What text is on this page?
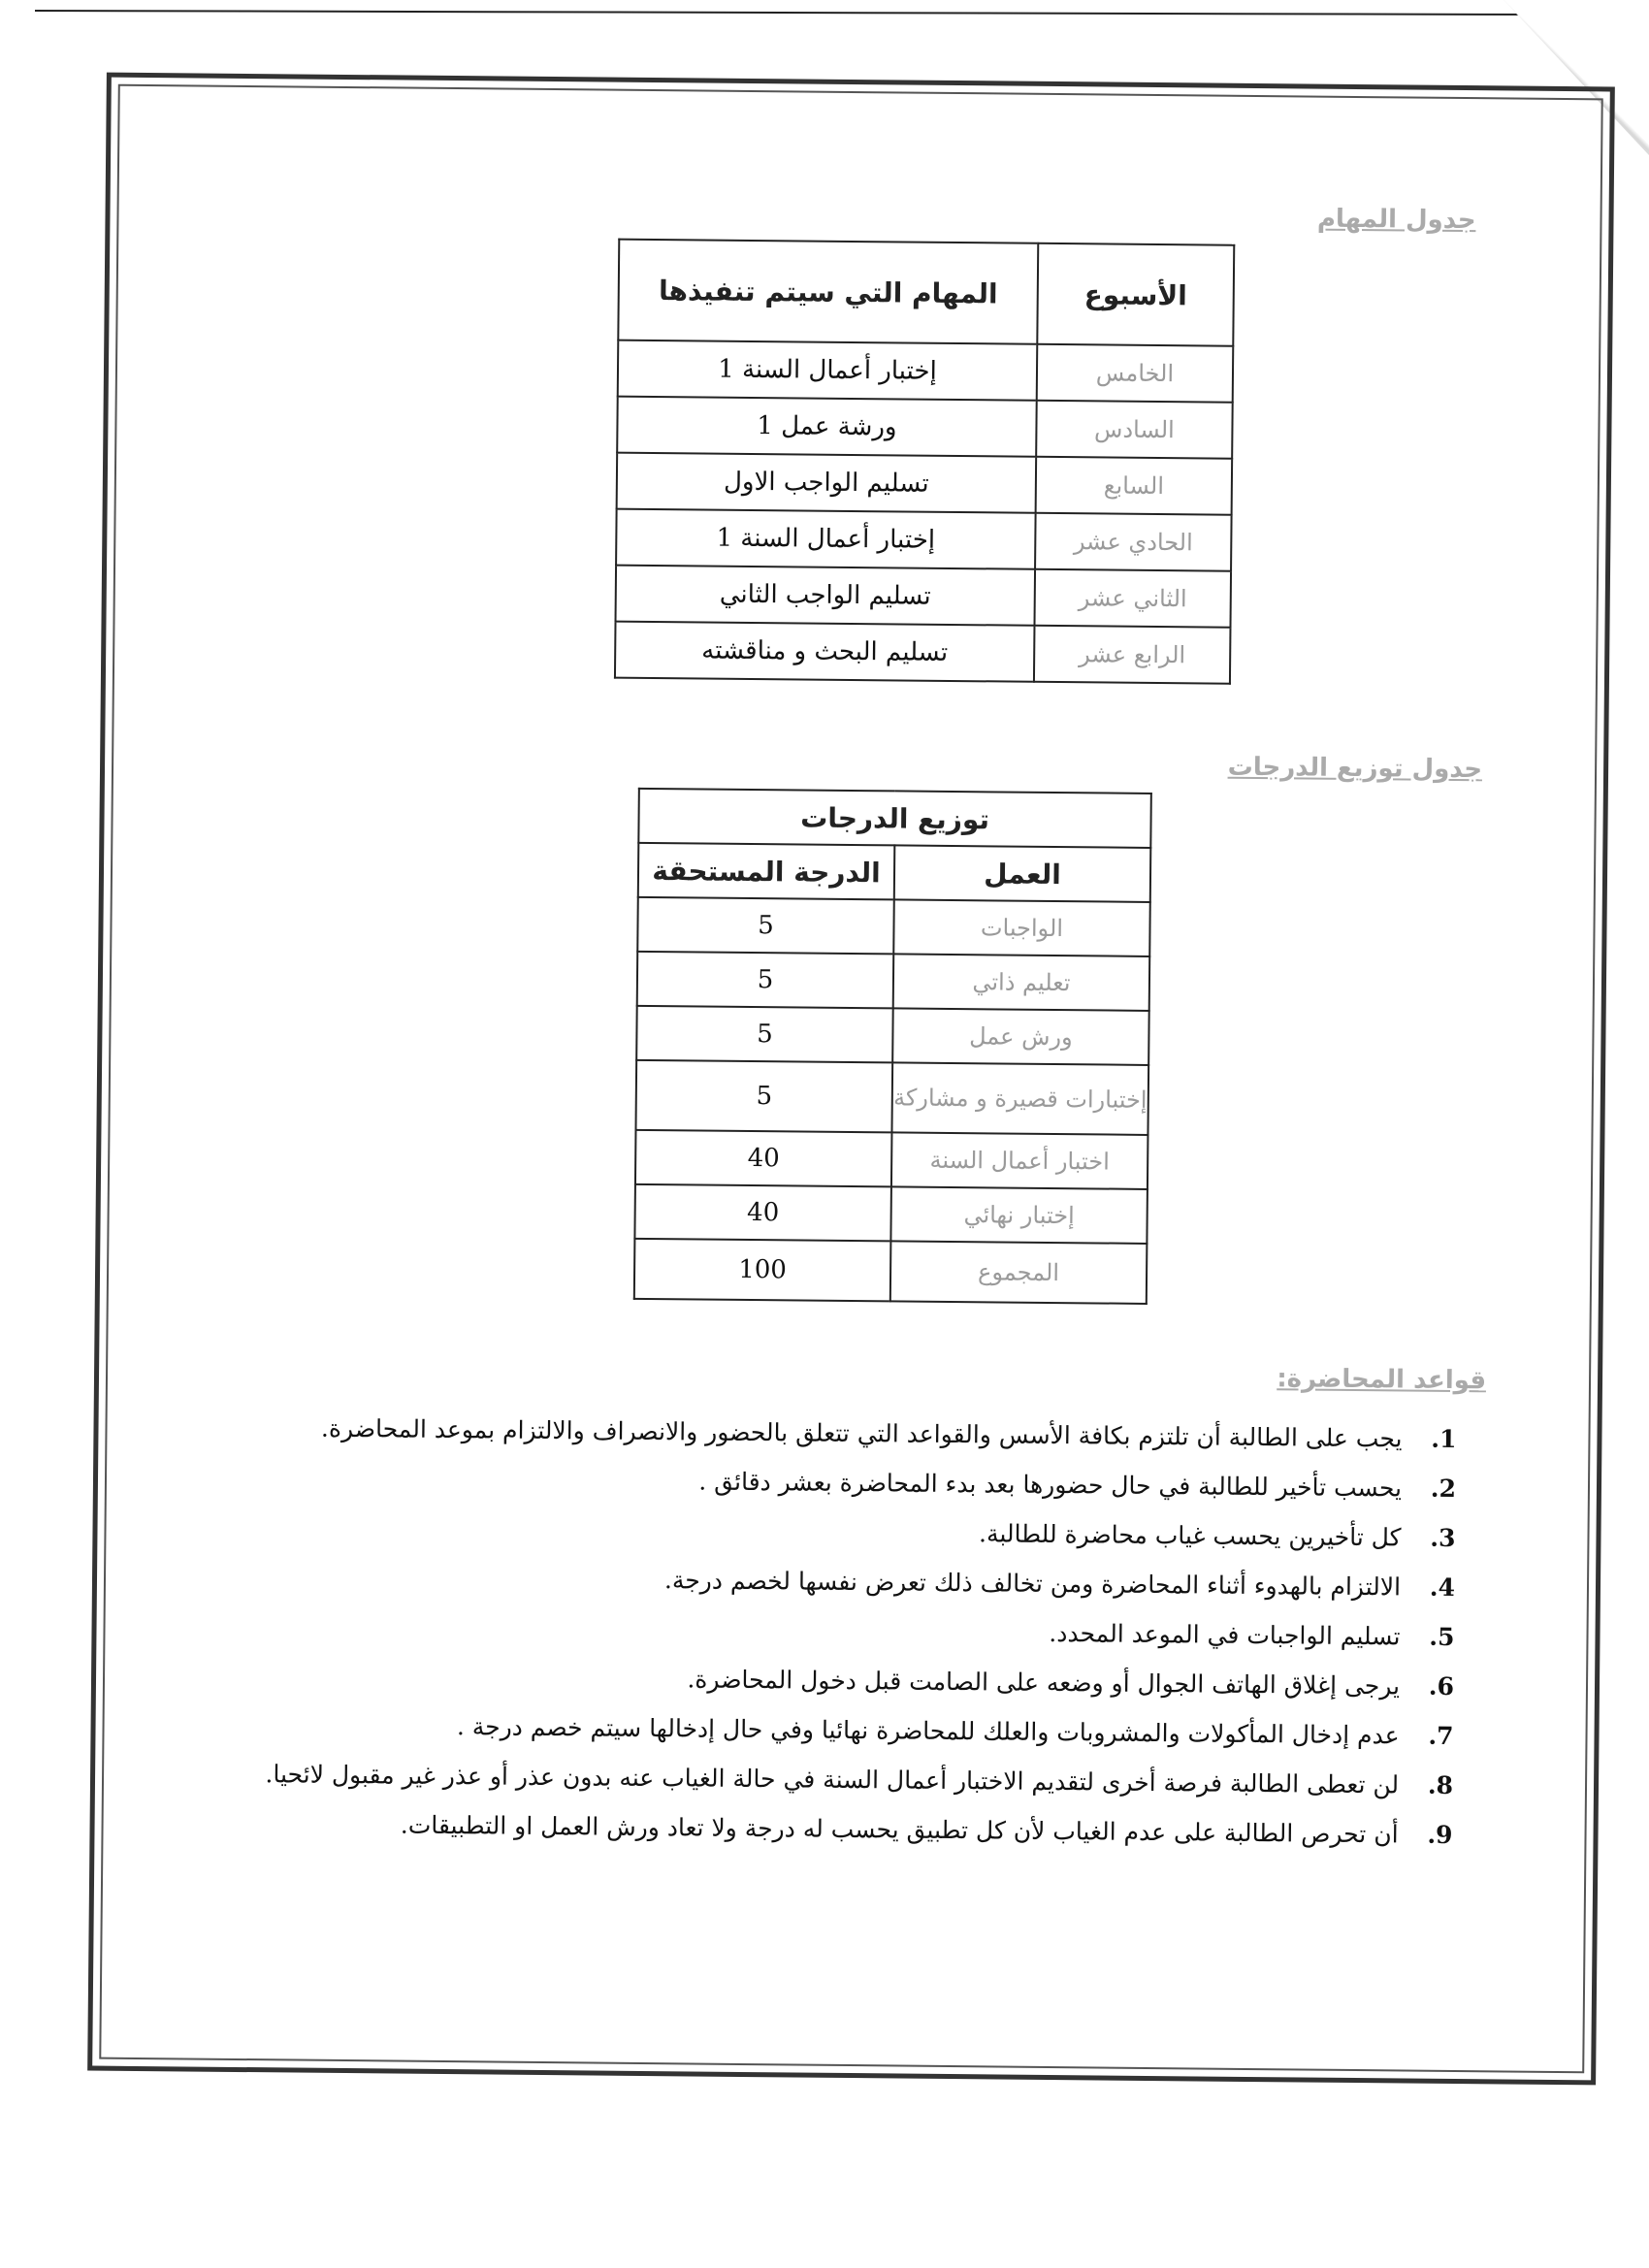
جدول المهام
الأسبوع	المهام التي سيتم تنفيذها
الخامس	إختبار أعمال السنة 1
السادس	ورشة عمل 1
السابع	تسليم الواجب الاول
الحادي عشر	إختبار أعمال السنة 1
الثاني عشر	تسليم الواجب الثاني
الرابع عشر	تسليم البحث و مناقشته
جدول توزيع الدرجات
توزيع الدرجات	
العمل	الدرجة المستحقة
الواجبات	5
تعليم ذاتي	5
ورش عمل	5
إختبارات قصيرة و مشاركة	5
اختبار أعمال السنة	40
إختبار نهائي	40
المجموع	100
قواعد المحاضرة:
1. يجب على الطالبة أن تلتزم بكافة الأسس والقواعد التي تتعلق بالحضور والانصراف والالتزام بموعد المحاضرة.
2. يحسب تأخير للطالبة في حال حضورها بعد بدء المحاضرة بعشر دقائق .
3. كل تأخيرين يحسب غياب محاضرة للطالبة.
4. الالتزام بالهدوء أثناء المحاضرة ومن تخالف ذلك تعرض نفسها لخصم درجة.
5. تسليم الواجبات في الموعد المحدد.
6. يرجى إغلاق الهاتف الجوال أو وضعه على الصامت قبل دخول المحاضرة.
7. عدم إدخال المأكولات والمشروبات والعلك للمحاضرة نهائيا وفي حال إدخالها سيتم خصم درجة .
8. لن تعطى الطالبة فرصة أخرى لتقديم الاختبار أعمال السنة في حالة الغياب عنه بدون عذر أو عذر غير مقبول لائحيا.
9. أن تحرص الطالبة على عدم الغياب لأن كل تطبيق يحسب له درجة ولا تعاد ورش العمل او التطبيقات.
